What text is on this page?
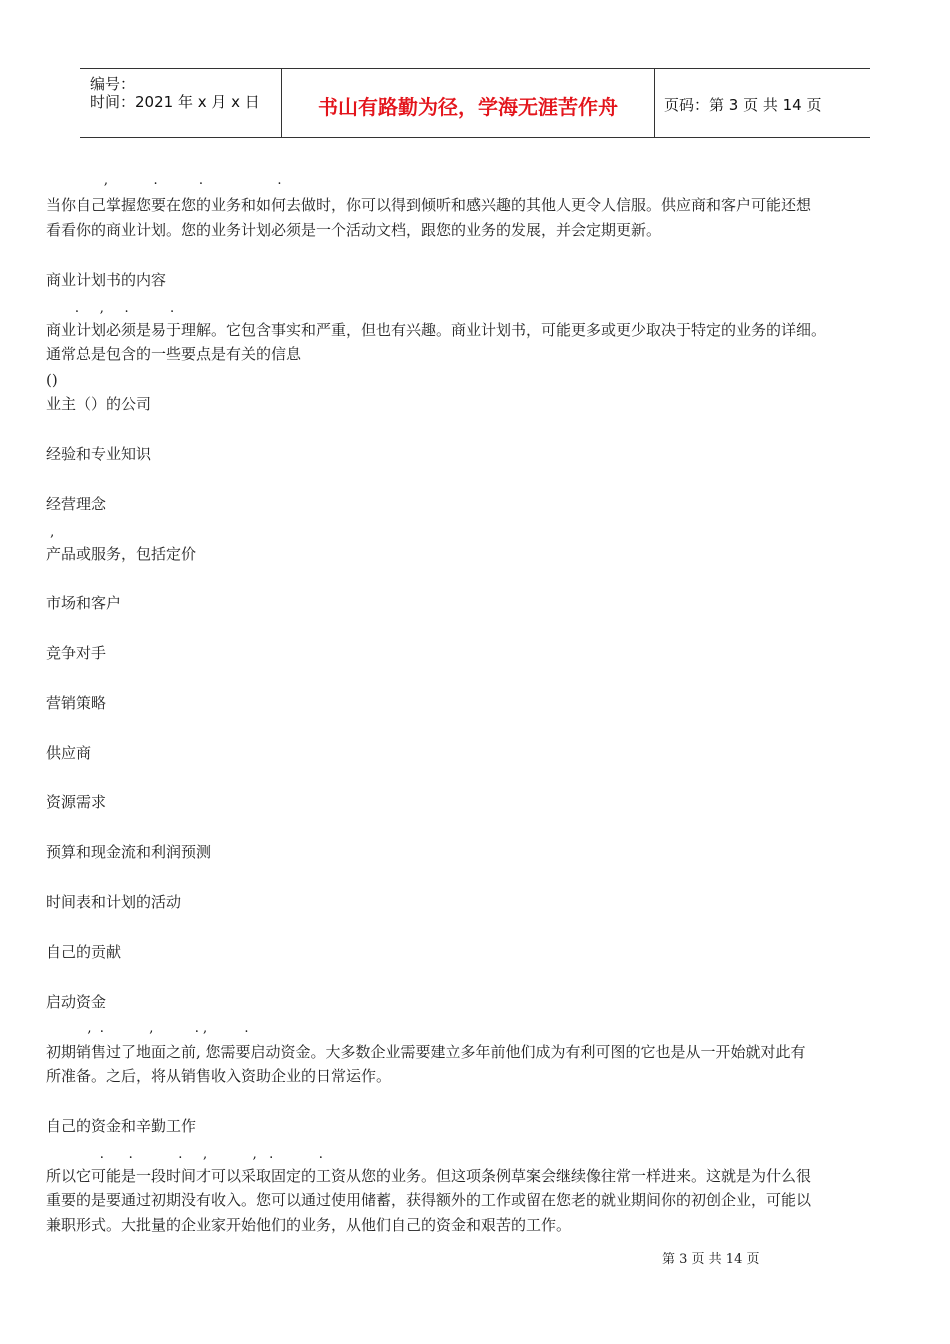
编号：
时间：2021 年 x 月 x 日	书山有路勤为径，学海无涯苦作舟	页码：第 3 页 共 14 页
,           .          .                  .
当你自己掌握您要在您的业务和如何去做时，你可以得到倾听和感兴趣的其他人更令人信服。供应商和客户可能还想
看看你的商业计划。您的业务计划必须是一个活动文档，跟您的业务的发展，并会定期更新。
商业计划书的内容
.     ,     .          .
商业计划必须是易于理解。它包含事实和严重，但也有兴趣。商业计划书，可能更多或更少取决于特定的业务的详细。
通常总是包含的一些要点是有关的信息
()
业主（）的公司
经验和专业知识
经营理念
,
产品或服务，包括定价
市场和客户
竞争对手
营销策略
供应商
资源需求
预算和现金流和利润预测
时间表和计划的活动
自己的贡献
启动资金
,  .           ,          . ,         .
初期销售过了地面之前, 您需要启动资金。大多数企业需要建立多年前他们成为有利可图的它也是从一开始就对此有
所准备。之后，将从销售收入资助企业的日常运作。
自己的资金和辛勤工作
.      .           .     ,           ,   .           .
所以它可能是一段时间才可以采取固定的工资从您的业务。但这项条例草案会继续像往常一样进来。这就是为什么很
重要的是要通过初期没有收入。您可以通过使用储蓄，获得额外的工作或留在您老的就业期间你的初创企业，可能以
兼职形式。大批量的企业家开始他们的业务，从他们自己的资金和艰苦的工作。
第 3 页 共 14 页
